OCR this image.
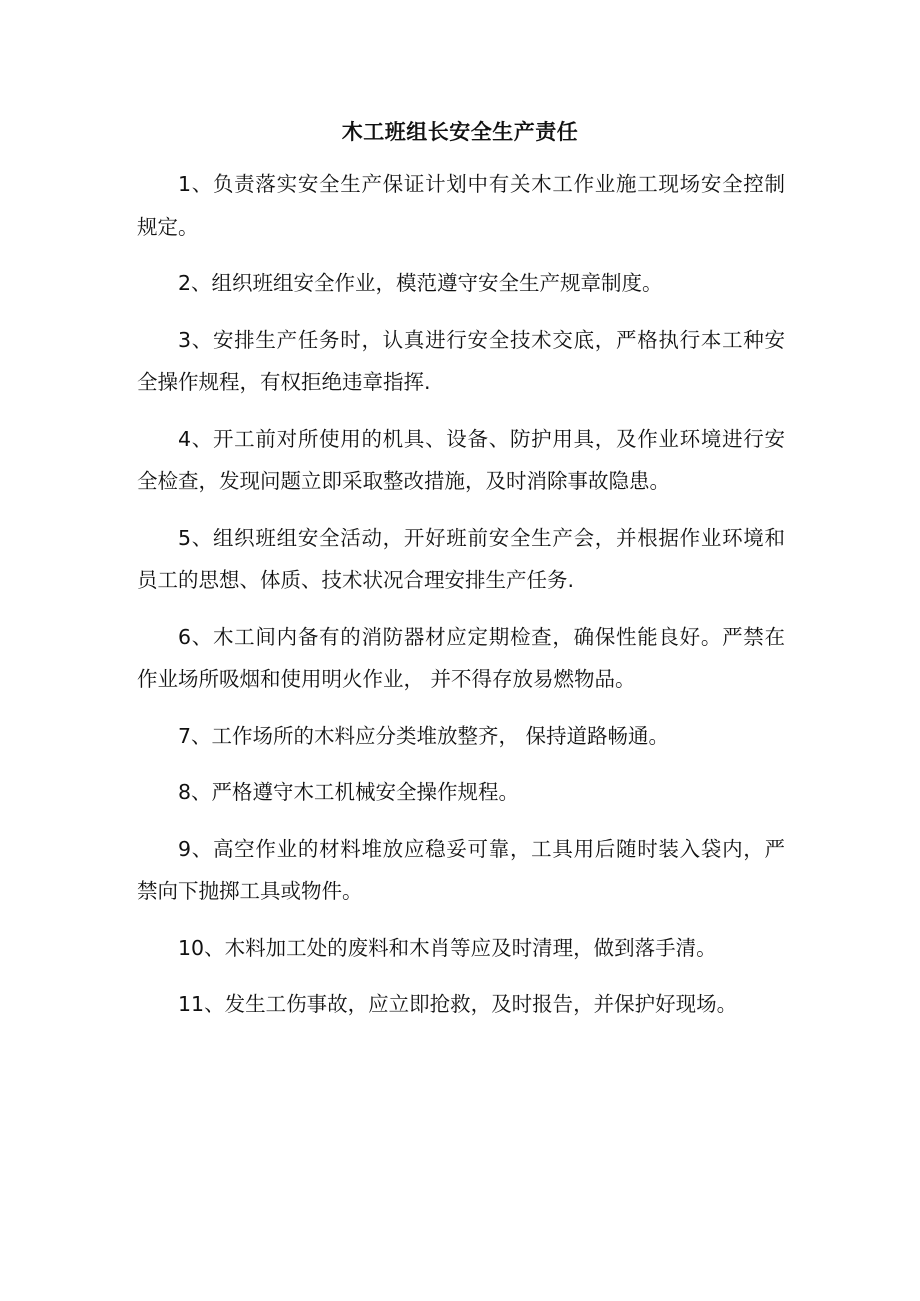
木工班组长安全生产责任
1、负责落实安全生产保证计划中有关木工作业施工现场安全控制规定。
2、组织班组安全作业，模范遵守安全生产规章制度。
3、安排生产任务时，认真进行安全技术交底，严格执行本工种安全操作规程，有权拒绝违章指挥.
4、开工前对所使用的机具、设备、防护用具，及作业环境进行安全检查，发现问题立即采取整改措施，及时消除事故隐患。
5、组织班组安全活动，开好班前安全生产会，并根据作业环境和员工的思想、体质、技术状况合理安排生产任务.
6、木工间内备有的消防器材应定期检查，确保性能良好。严禁在作业场所吸烟和使用明火作业， 并不得存放易燃物品。
7、工作场所的木料应分类堆放整齐， 保持道路畅通。
8、严格遵守木工机械安全操作规程。
9、高空作业的材料堆放应稳妥可靠，工具用后随时装入袋内，严禁向下抛掷工具或物件。
10、木料加工处的废料和木肖等应及时清理，做到落手清。
11、发生工伤事故，应立即抢救，及时报告，并保护好现场。
